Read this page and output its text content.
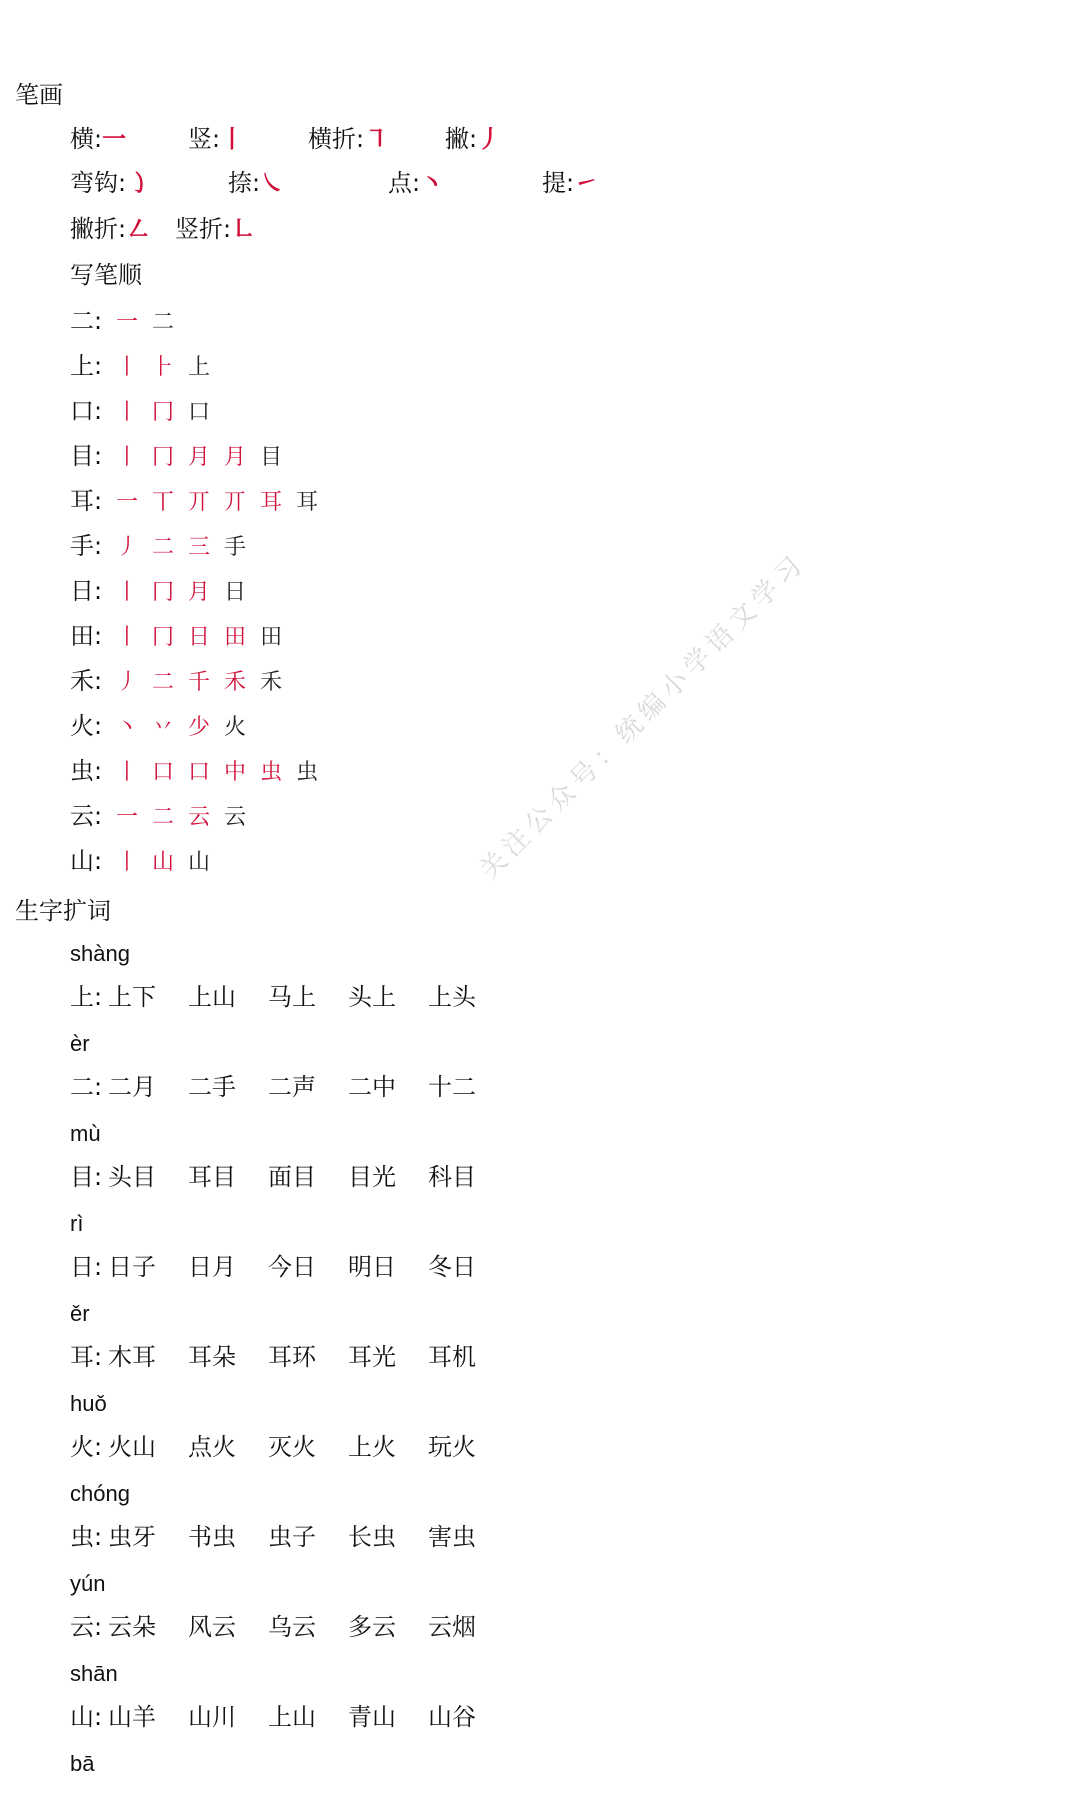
笔画
横:一	竖:丨	横折:㇕ 撇:丿
弯钩:㇁	捺:㇏	点:丶	提:㇀
撇折:㇜ 竖折:㇗
写笔顺
二: 一 二
上: 丨 ⺊ 上
口: 丨 冂 口
目: 丨 冂 月 月 目
耳: 一 丅 丌 丌 耳 耳
手: 丿 二 三 手
日: 丨 冂 月 日
田: 丨 冂 日 田 田
禾: 丿 二 千 禾 禾
火: 丶 丷 少 火
虫: 丨 口 口 中 虫 虫
云: 一 二 云 云
山: 丨 山 山
生字扩词
shàng
上: 上下 上山 马上 头上 上头
èr
二: 二月 二手 二声 二中 十二
mù
目: 头目 耳目 面目 目光 科目
rì
日: 日子 日月 今日 明日 冬日
ěr
耳: 木耳 耳朵 耳环 耳光 耳机
huǒ
火: 火山 点火 灭火 上火 玩火
chóng
虫: 虫牙 书虫 虫子 长虫 害虫
yún
云: 云朵 风云 乌云 多云 云烟
shān
山: 山羊 山川 上山 青山 山谷
bā
关注公众号：统编小学语文学习
